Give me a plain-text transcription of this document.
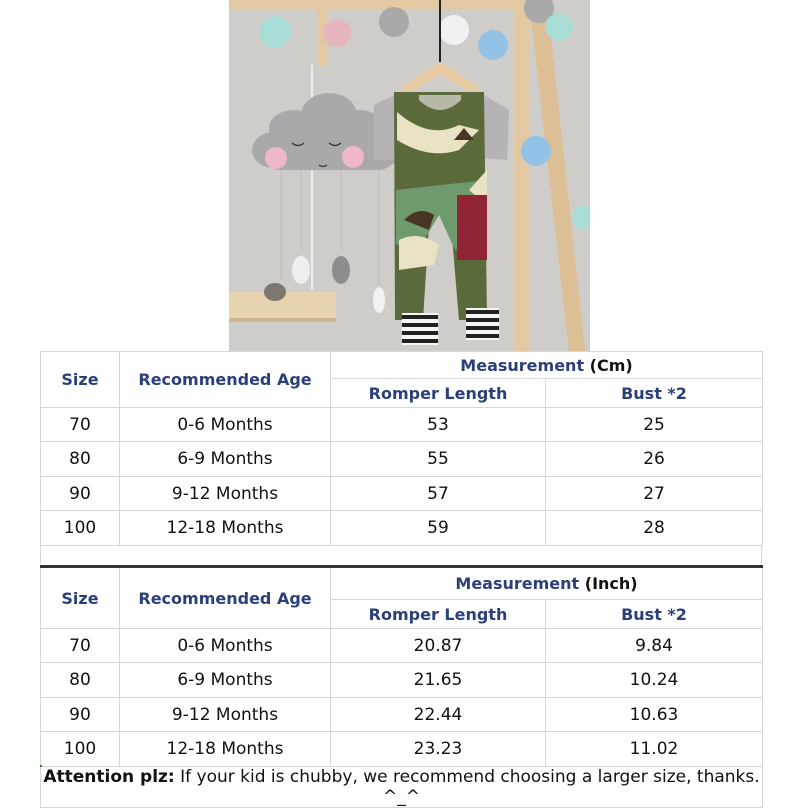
Size	Recommended Age	Measurement (Cm)	
		Romper Length	Bust *2
70	0-6 Months	53	25
80	6-9 Months	55	26
90	9-12 Months	57	27
100	12-18 Months	59	28
Size	Recommended Age	Measurement (Inch)	
		Romper Length	Bust *2
70	0-6 Months	20.87	9.84
80	6-9 Months	21.65	10.24
90	9-12 Months	22.44	10.63
100	12-18 Months	23.23	11.02
Attention plz: If your kid is chubby, we recommend choosing a larger size, thanks. ^_^			
